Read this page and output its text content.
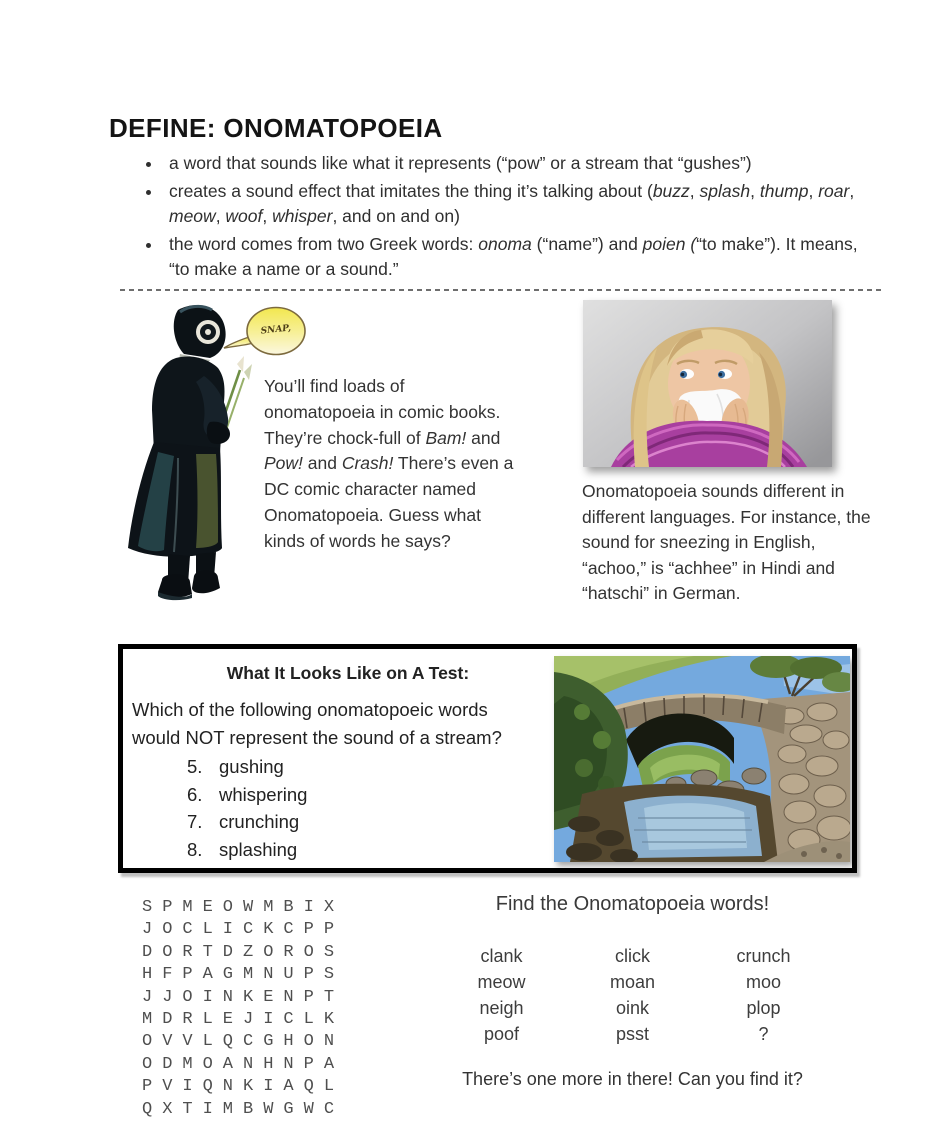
DEFINE: ONOMATOPOEIA
• a word that sounds like what it represents (“pow” or a stream that “gushes”)
• creates a sound effect that imitates the thing it’s talking about (buzz, splash, thump, roar, meow, woof, whisper, and on and on)
• the word comes from two Greek words: onoma (“name”) and poien (“to make”). It means, “to make a name or a sound.”
SNAP,

You’ll find loads of onomatopoeia in comic books. They’re chock-full of Bam! and Pow! and Crash! There’s even a DC comic character named Onomatopoeia. Guess what kinds of words he says?

Onomatopoeia sounds different in different languages. For instance, the sound for sneezing in English, “achoo,” is “achhee” in Hindi and “hatschi” in German.

What It Looks Like on A Test:
Which of the following onomatopoeic words
would NOT represent the sound of a stream?
5. gushing
6. whispering
7. crunching
8. splashing
SPMEOWMBIX
JOCLICKCPP
DORTDZOROS
HFPAGMNUPS
JJOINKENPT
MDRLEJICLK
OVVLQCGHON
ODMOANHNPA
PVIQNKIAQL
QXTIMBWGWC
Find the Onomatopoeia words!
clank
meow
neigh
poof
click
moan
oink
psst
crunch
moo
plop
?
There’s one more in there! Can you find it?
